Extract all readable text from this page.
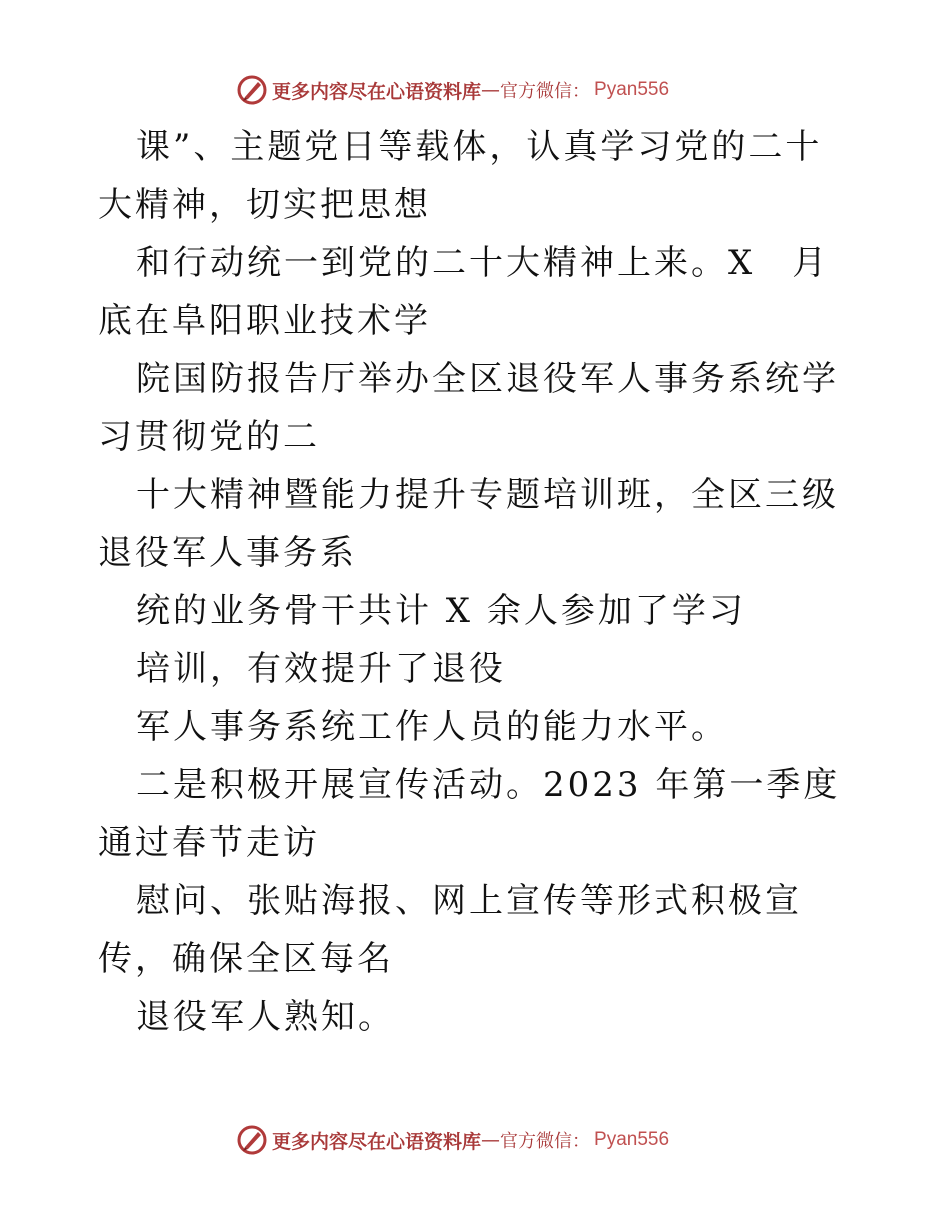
更多内容尽在心语资料库 — 官方微信： Pyan556

课”、主题党日等载体，认真学习党的二十大精神，切实把思想

和行动统一到党的二十大精神上来。X　月底在阜阳职业技术学

院国防报告厅举办全区退役军人事务系统学习贯彻党的二

十大精神暨能力提升专题培训班，全区三级退役军人事务系

统的业务骨干共计 X 余人参加了学习

培训，有效提升了退役

军人事务系统工作人员的能力水平。

二是积极开展宣传活动。2023 年第一季度通过春节走访

慰问、张贴海报、网上宣传等形式积极宣传，确保全区每名

退役军人熟知。

更多内容尽在心语资料库 — 官方微信： Pyan556
